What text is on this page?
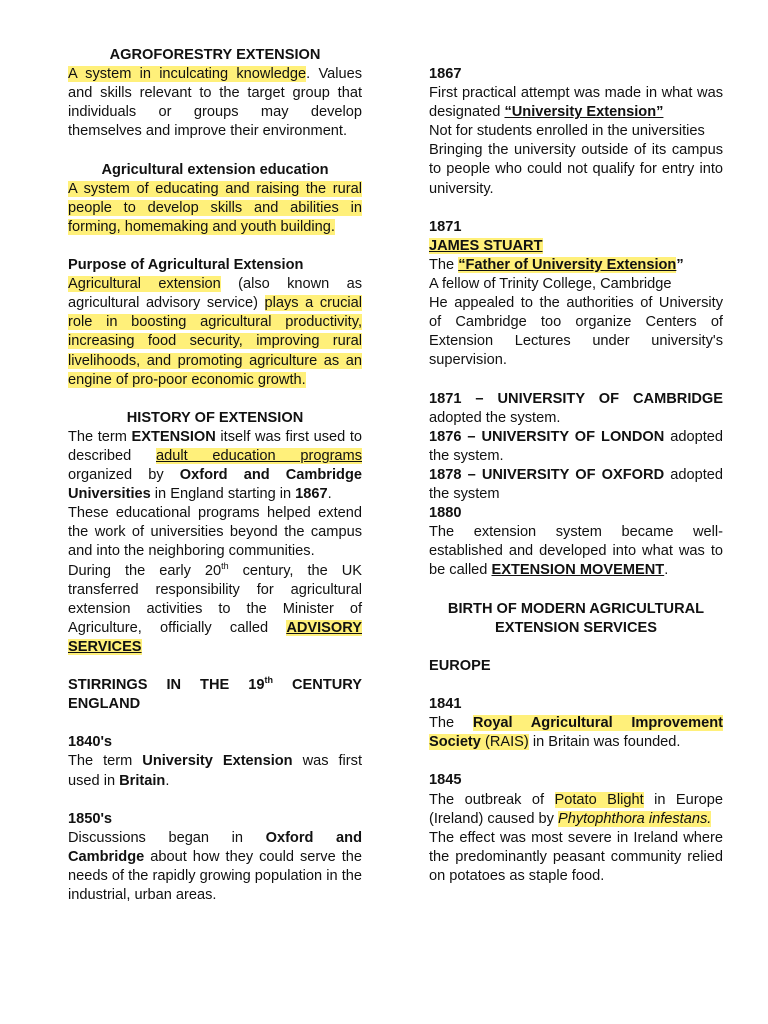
AGROFORESTRY EXTENSION

A system in inculcating knowledge. Values and skills relevant to the target group that individuals or groups may develop themselves and improve their environment.

Agricultural extension education

A system of educating and raising the rural people to develop skills and abilities in forming, homemaking and youth building.

Purpose of Agricultural Extension

Agricultural extension (also known as agricultural advisory service) plays a crucial role in boosting agricultural productivity, increasing food security, improving rural livelihoods, and promoting agriculture as an engine of pro-poor economic growth.

HISTORY OF EXTENSION

The term EXTENSION itself was first used to described adult education programs organized by Oxford and Cambridge Universities in England starting in 1867.

These educational programs helped extend the work of universities beyond the campus and into the neighboring communities.

During the early 20th century, the UK transferred responsibility for agricultural extension activities to the Minister of Agriculture, officially called ADVISORY SERVICES

STIRRINGS IN THE 19th CENTURY ENGLAND

1840's

The term University Extension was first used in Britain.

1850's

Discussions began in Oxford and Cambridge about how they could serve the needs of the rapidly growing population in the industrial, urban areas.

1867

First practical attempt was made in what was designated “University Extension”

Not for students enrolled in the universities

Bringing the university outside of its campus to people who could not qualify for entry into university.

1871

JAMES STUART

The “Father of University Extension”

A fellow of Trinity College, Cambridge

He appealed to the authorities of University of Cambridge too organize Centers of Extension Lectures under university's supervision.

1871 – UNIVERSITY OF CAMBRIDGE adopted the system.

1876 – UNIVERSITY OF LONDON adopted the system.

1878 – UNIVERSITY OF OXFORD adopted the system

1880

The extension system became well-established and developed into what was to be called EXTENSION MOVEMENT.

BIRTH OF MODERN AGRICULTURAL

EXTENSION SERVICES

EUROPE

1841

The Royal Agricultural Improvement Society (RAIS) in Britain was founded.

1845

The outbreak of Potato Blight in Europe (Ireland) caused by Phytophthora infestans.

The effect was most severe in Ireland where the predominantly peasant community relied on potatoes as staple food.
